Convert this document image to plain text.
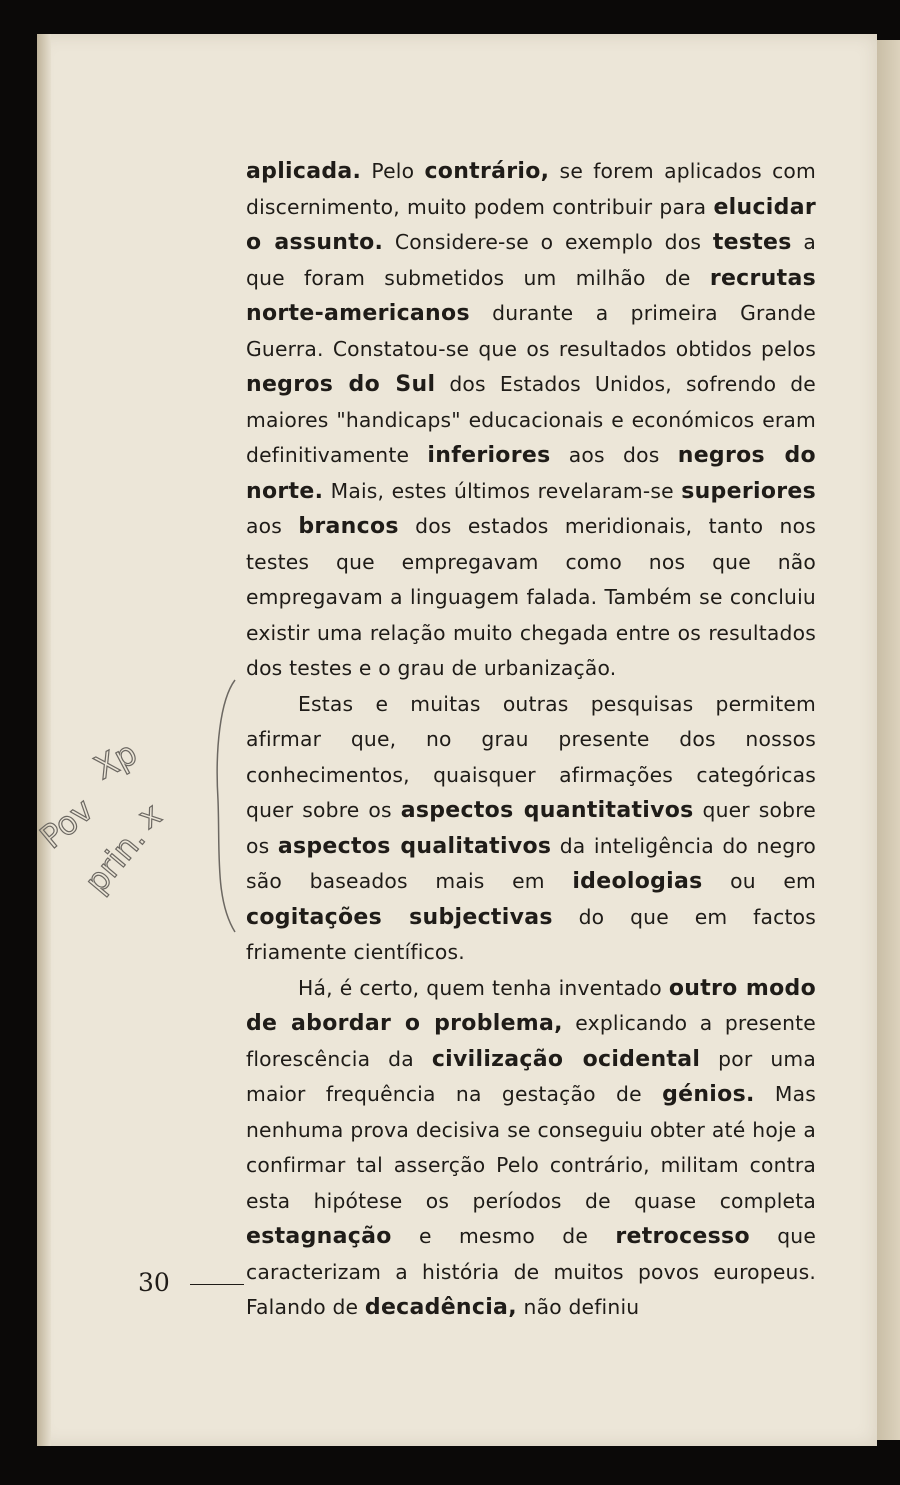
aplicada. Pelo contrário, se forem aplicados com discernimento, muito podem contribuir para elucidar o assunto. Considere-se o exemplo dos testes a que foram submetidos um milhão de recrutas norte-americanos durante a primeira Grande Guerra. Constatou-se que os resultados obtidos pelos negros do Sul dos Estados Unidos, sofrendo de maiores "handicaps" educacionais e económicos eram definitivamente inferiores aos dos negros do norte. Mais, estes últimos revelaram-se superiores aos brancos dos estados meridionais, tanto nos testes que empregavam como nos que não empregavam a linguagem falada. Também se concluiu existir uma relação muito chegada entre os resultados dos testes e o grau de urbanização.

Estas e muitas outras pesquisas permitem afirmar que, no grau presente dos nossos conhecimentos, quaisquer afirmações categóricas quer sobre os aspectos quantitativos quer sobre os aspectos qualitativos da inteligência do negro são baseados mais em ideologias ou em cogitações subjectivas do que em factos friamente científicos.

Há, é certo, quem tenha inventado outro modo de abordar o problema, explicando a presente florescência da civilização ocidental por uma maior frequência na gestação de génios. Mas nenhuma prova decisiva se conseguiu obter até hoje a confirmar tal asserção Pelo contrário, militam contra esta hipótese os períodos de quase completa estagnação e mesmo de retrocesso que caracterizam a história de muitos povos europeus. Falando de decadência, não definiu

Xp
Pov
prin.
x
30
